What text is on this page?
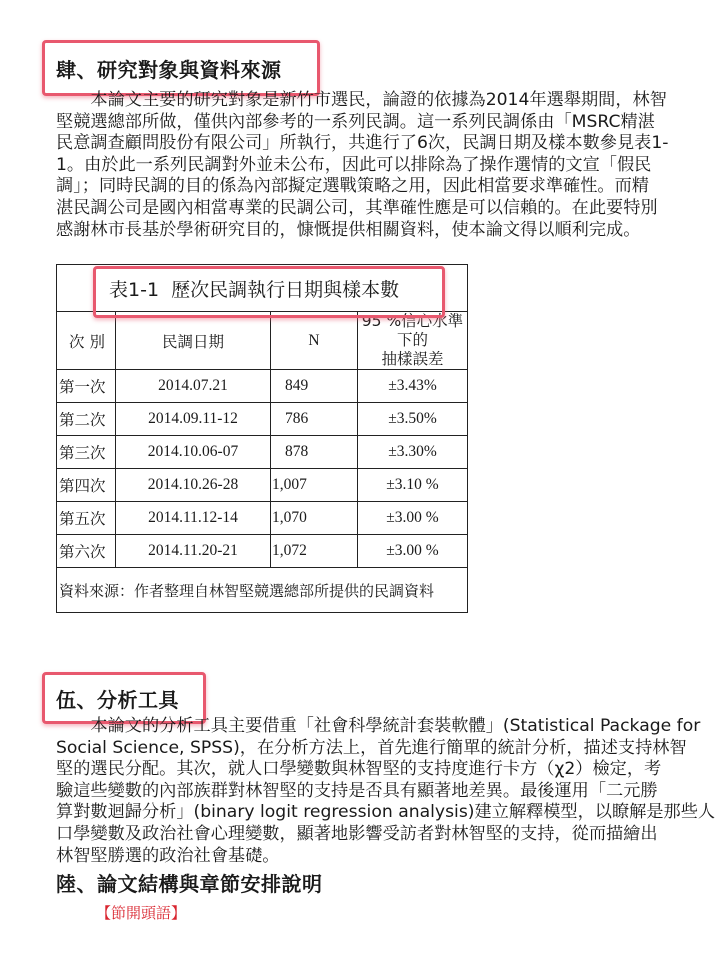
肆、研究對象與資料來源
　　本論文主要的研究對象是新竹市選民，論證的依據為2014年選舉期間，林智
堅競選總部所做，僅供內部參考的一系列民調。這一系列民調係由「MSRC精湛
民意調查顧問股份有限公司」所執行，共進行了6次，民調日期及樣本數參見表1-
1。由於此一系列民調對外並未公布，因此可以排除為了操作選情的文宣「假民
調」；同時民調的目的係為內部擬定選戰策略之用，因此相當要求準確性。而精
湛民調公司是國內相當專業的民調公司，其準確性應是可以信賴的。在此要特別
感謝林市長基於學術研究目的，慷慨提供相關資料，使本論文得以順利完成。
表1-1  歷次民調執行日期與樣本數			

次 別	民調日期	N	95 %信心水準下的
抽樣誤差

第一次	2014.07.21	849	±3.43%
第二次	2014.09.11-12	786	±3.50%
第三次	2014.10.06-07	878	±3.30%
第四次	2014.10.26-28	1,007	±3.10 %
第五次	2014.11.12-14	1,070	±3.00 %
第六次	2014.11.20-21	1,072	±3.00 %
資料來源：作者整理自林智堅競選總部所提供的民調資料			
伍、分析工具
　　本論文的分析工具主要借重「社會科學統計套裝軟體」(Statistical Package for
Social Science, SPSS)，在分析方法上，首先進行簡單的統計分析，描述支持林智
堅的選民分配。其次，就人口學變數與林智堅的支持度進行卡方（χ2）檢定，考
驗這些變數的內部族群對林智堅的支持是否具有顯著地差異。最後運用「二元勝
算對數迴歸分析」(binary logit regression analysis)建立解釋模型，以瞭解是那些人
口學變數及政治社會心理變數，顯著地影響受訪者對林智堅的支持，從而描繪出
林智堅勝選的政治社會基礎。
陸、論文結構與章節安排說明
【節開頭語】
